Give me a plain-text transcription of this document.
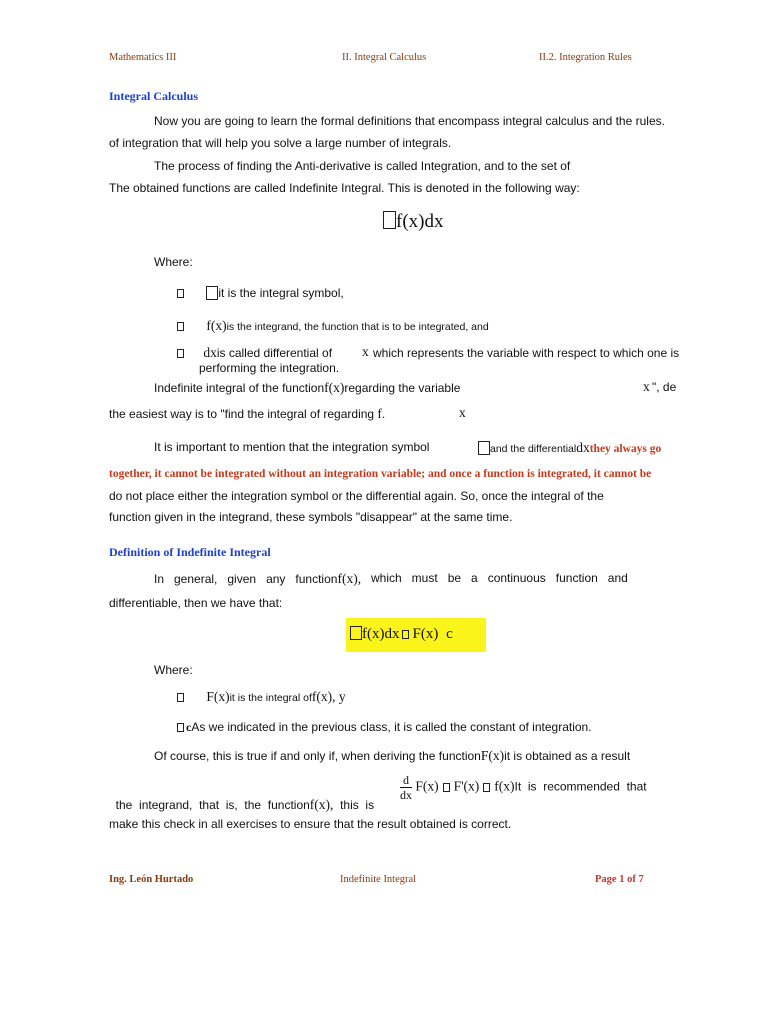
Mathematics III	II. Integral Calculus	II.2. Integration Rules
Integral Calculus
Now you are going to learn the formal definitions that encompass integral calculus and the rules.
of integration that will help you solve a large number of integrals.
The process of finding the Anti-derivative is called Integration, and to the set of
The obtained functions are called Indefinite Integral. This is denoted in the following way:
f(x)dx
Where:
it is the integral symbol,
f(x)is the integrand, the function that is to be integrated, and
dxis called differential of x which represents the variable with respect to which one is
performing the integration.
Indefinite integral of the functionf(x)regarding the variable	x ", de
the easiest way is to "find the integral of regarding f.	x
It is important to mention that the integration symbol	and the differentialdxthey always go
together, it cannot be integrated without an integration variable; and once a function is integrated, it cannot be
do not place either the integration symbol or the differential again. So, once the integral of the
function given in the integrand, these symbols "disappear" at the same time.
Definition of Indefinite Integral
In   general,   given   any   functionf(x), which   must   be   a   continuous   function   and
differentiable, then we have that:
f(x)dx F(x) c
Where:
F(x)it is the integral off(x), y
cAs we indicated in the previous class, it is called the constant of integration.
Of course, this is true if and only if, when deriving the functionF(x)it is obtained as a result

the  integrand,  that  is,  the  functionf(x), this  is

$\frac{d}{dx} F(x)$ F'(x) f(x)It  is  recommended  that
make this check in all exercises to ensure that the result obtained is correct.
Ing. León Hurtado	Indefinite Integral	Page 1 of 7
